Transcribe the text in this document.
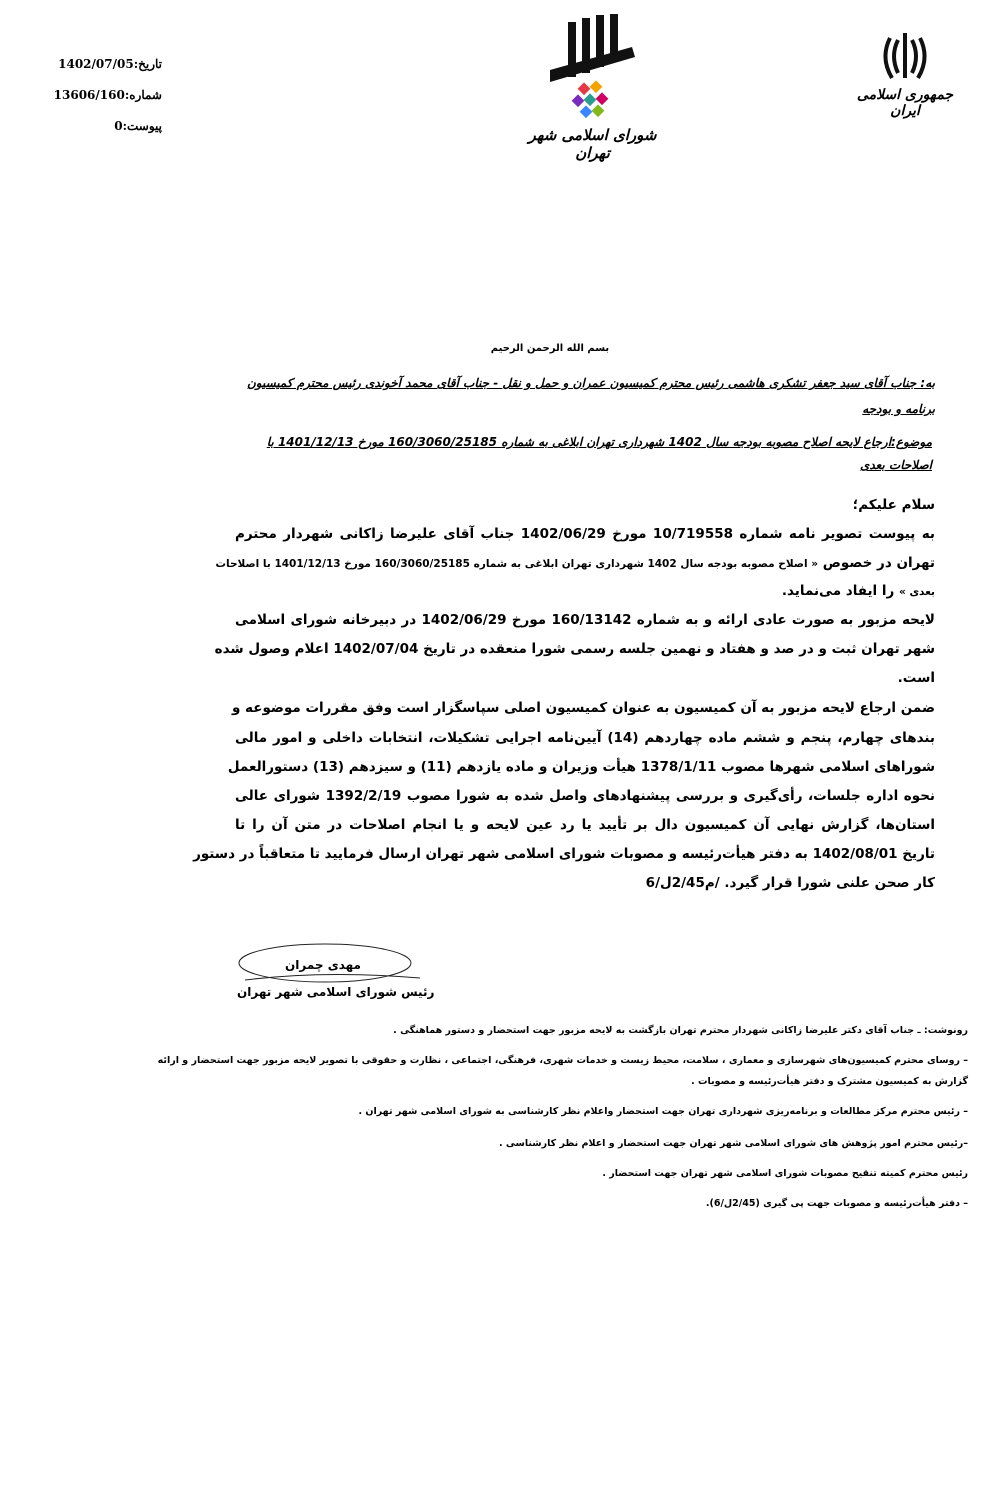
تاریخ:1402/07/05
شماره:13606/160
پیوست:0	شورای اسلامی شهر تهران
جمهوری اسلامی ایران
بسم الله الرحمن الرحیم
به: جناب آقای سید جعفر تشکری هاشمی رئیس محترم کمیسیون عمران و حمل و نقل - جناب آقای محمد آخوندی رئیس محترم کمیسیون
برنامه و بودجه
موضوع:ارجاع لایحه اصلاح مصوبه بودجه سال 1402 شهرداری تهران ابلاغی به شماره 160/3060/25185 مورخ 1401/12/13 با
اصلاحات بعدی
سلام علیکم؛
به پیوست تصویر نامه شماره 10/719558 مورخ 1402/06/29 جناب آقای علیرضا زاکانی شهردار محترم
تهران در خصوص « اصلاح مصوبه بودجه سال 1402 شهرداری تهران ابلاغی به شماره 160/3060/25185 مورخ 1401/12/13 با اصلاحات
بعدی » را ایفاد می‌نماید.
لایحه مزبور به صورت عادی ارائه و به شماره 160/13142 مورخ 1402/06/29 در دبیرخانه شورای اسلامی
شهر تهران ثبت و در صد و هفتاد و نهمین جلسه رسمی شورا منعقده در تاریخ 1402/07/04 اعلام وصول شده
است.
ضمن ارجاع لایحه مزبور به آن کمیسیون به عنوان کمیسیون اصلی سپاسگزار است وفق مقررات موضوعه و
بندهای چهارم، پنجم و ششم ماده چهاردهم (14) آیین‌نامه اجرایی تشکیلات، انتخابات داخلی و امور مالی
شوراهای اسلامی شهرها مصوب 1378/1/11 هیأت وزیران و ماده یازدهم (11) و سیزدهم (13) دستورالعمل
نحوه اداره جلسات، رأی‌گیری و بررسی پیشنهادهای واصل شده به شورا مصوب 1392/2/19 شورای عالی
استان‌ها، گزارش نهایی آن کمیسیون دال بر تأیید یا رد عین لایحه و یا انجام اصلاحات در متن آن را تا
تاریخ 1402/08/01 به دفتر هیأت‌رئیسه و مصوبات شورای اسلامی شهر تهران ارسال فرمایید تا متعاقباً در دستور
کار صحن علنی شورا قرار گیرد. /م2/45ل/6
مهدی چمران
رئیس شورای اسلامی شهر تهران
رونوشت: ـ جناب آقای دکتر علیرضا زاکانی شهردار محترم تهران بازگشت به لایحه مزبور جهت استحضار و دستور هماهنگی .
– روسای محترم کمیسیون‌های شهرسازی و معماری ، سلامت، محیط زیست و خدمات شهری، فرهنگی، اجتماعی ، نظارت و حقوقی با تصویر لایحه مزبور جهت استحضار و ارائه
گزارش به کمیسیون مشترک و دفتر هیأت‌رئیسه و مصوبات .
– رئیس محترم مرکز مطالعات و برنامه‌ریزی شهرداری تهران جهت استحضار واعلام نظر کارشناسی به شورای اسلامی شهر تهران .
–رئیس محترم امور پژوهش های شورای اسلامی شهر تهران جهت استحضار و اعلام نظر کارشناسی .
رئیس محترم کمیته تنقیح مصوبات شورای اسلامی شهر تهران جهت استحضار .
– دفتر هیأت‌رئیسه و مصوبات جهت پی گیری (2/45ل/6).
